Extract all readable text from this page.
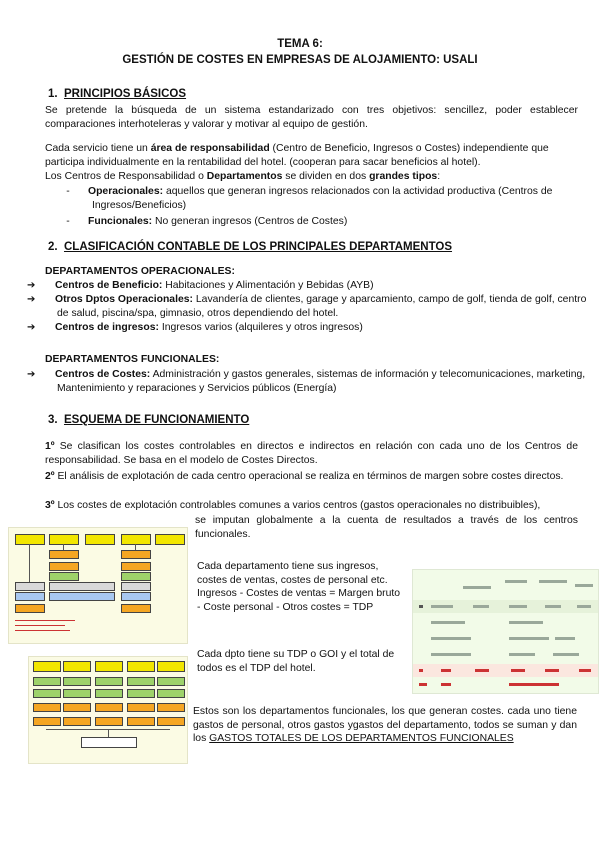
TEMA 6:
GESTIÓN DE COSTES EN EMPRESAS DE ALOJAMIENTO: USALI
1. PRINCIPIOS BÁSICOS
Se pretende la búsqueda de un sistema estandarizado con tres objetivos: sencillez, poder establecer comparaciones interhoteleras y valorar y motivar al equipo de gestión.
Cada servicio tiene un área de responsabilidad (Centro de Beneficio, Ingresos o Costes) independiente que participa individualmente en la rentabilidad del hotel. (cooperan para sacar beneficios al hotel).
Los Centros de Responsabilidad o Departamentos se dividen en dos grandes tipos:
- Operacionales: aquellos que generan ingresos relacionados con la actividad productiva (Centros de Ingresos/Beneficios)
- Funcionales: No generan ingresos (Centros de Costes)
2. CLASIFICACIÓN CONTABLE DE LOS PRINCIPALES DEPARTAMENTOS
DEPARTAMENTOS OPERACIONALES:
➔ Centros de Beneficio: Habitaciones y Alimentación y Bebidas (AYB)
➔ Otros Dptos Operacionales: Lavandería de clientes, garage y aparcamiento, campo de golf, tienda de golf, centro de salud, piscina/spa, gimnasio, otros dependiendo del hotel.
➔ Centros de ingresos: Ingresos varios (alquileres y otros ingresos)
DEPARTAMENTOS FUNCIONALES:
➔ Centros de Costes: Administración y gastos generales, sistemas de información y telecomunicaciones, marketing, Mantenimiento y reparaciones y Servicios públicos (Energía)
3. ESQUEMA DE FUNCIONAMIENTO
1º Se clasifican los costes controlables en directos e indirectos en relación con cada uno de los Centros de responsabilidad. Se basa en el modelo de Costes Directos.
2º El análisis de explotación de cada centro operacional se realiza en términos de margen sobre costes directos.
3º Los costes de explotación controlables comunes a varios centros (gastos operacionales no distribuibles),
se imputan globalmente a la cuenta de resultados a través de los centros funcionales.
Cada departamento tiene sus ingresos, costes de ventas, costes de personal etc. Ingresos - Costes de ventas = Margen bruto - Coste personal - Otros costes = TDP
Cada dpto tiene su TDP o GOI y el total de todos es el TDP del hotel.
Estos son los departamentos funcionales, los que generan costes. cada uno tiene gastos de personal, otros gastos ygastos del departamento, todos se suman y dan los GASTOS TOTALES DE LOS DEPARTAMENTOS FUNCIONALES
